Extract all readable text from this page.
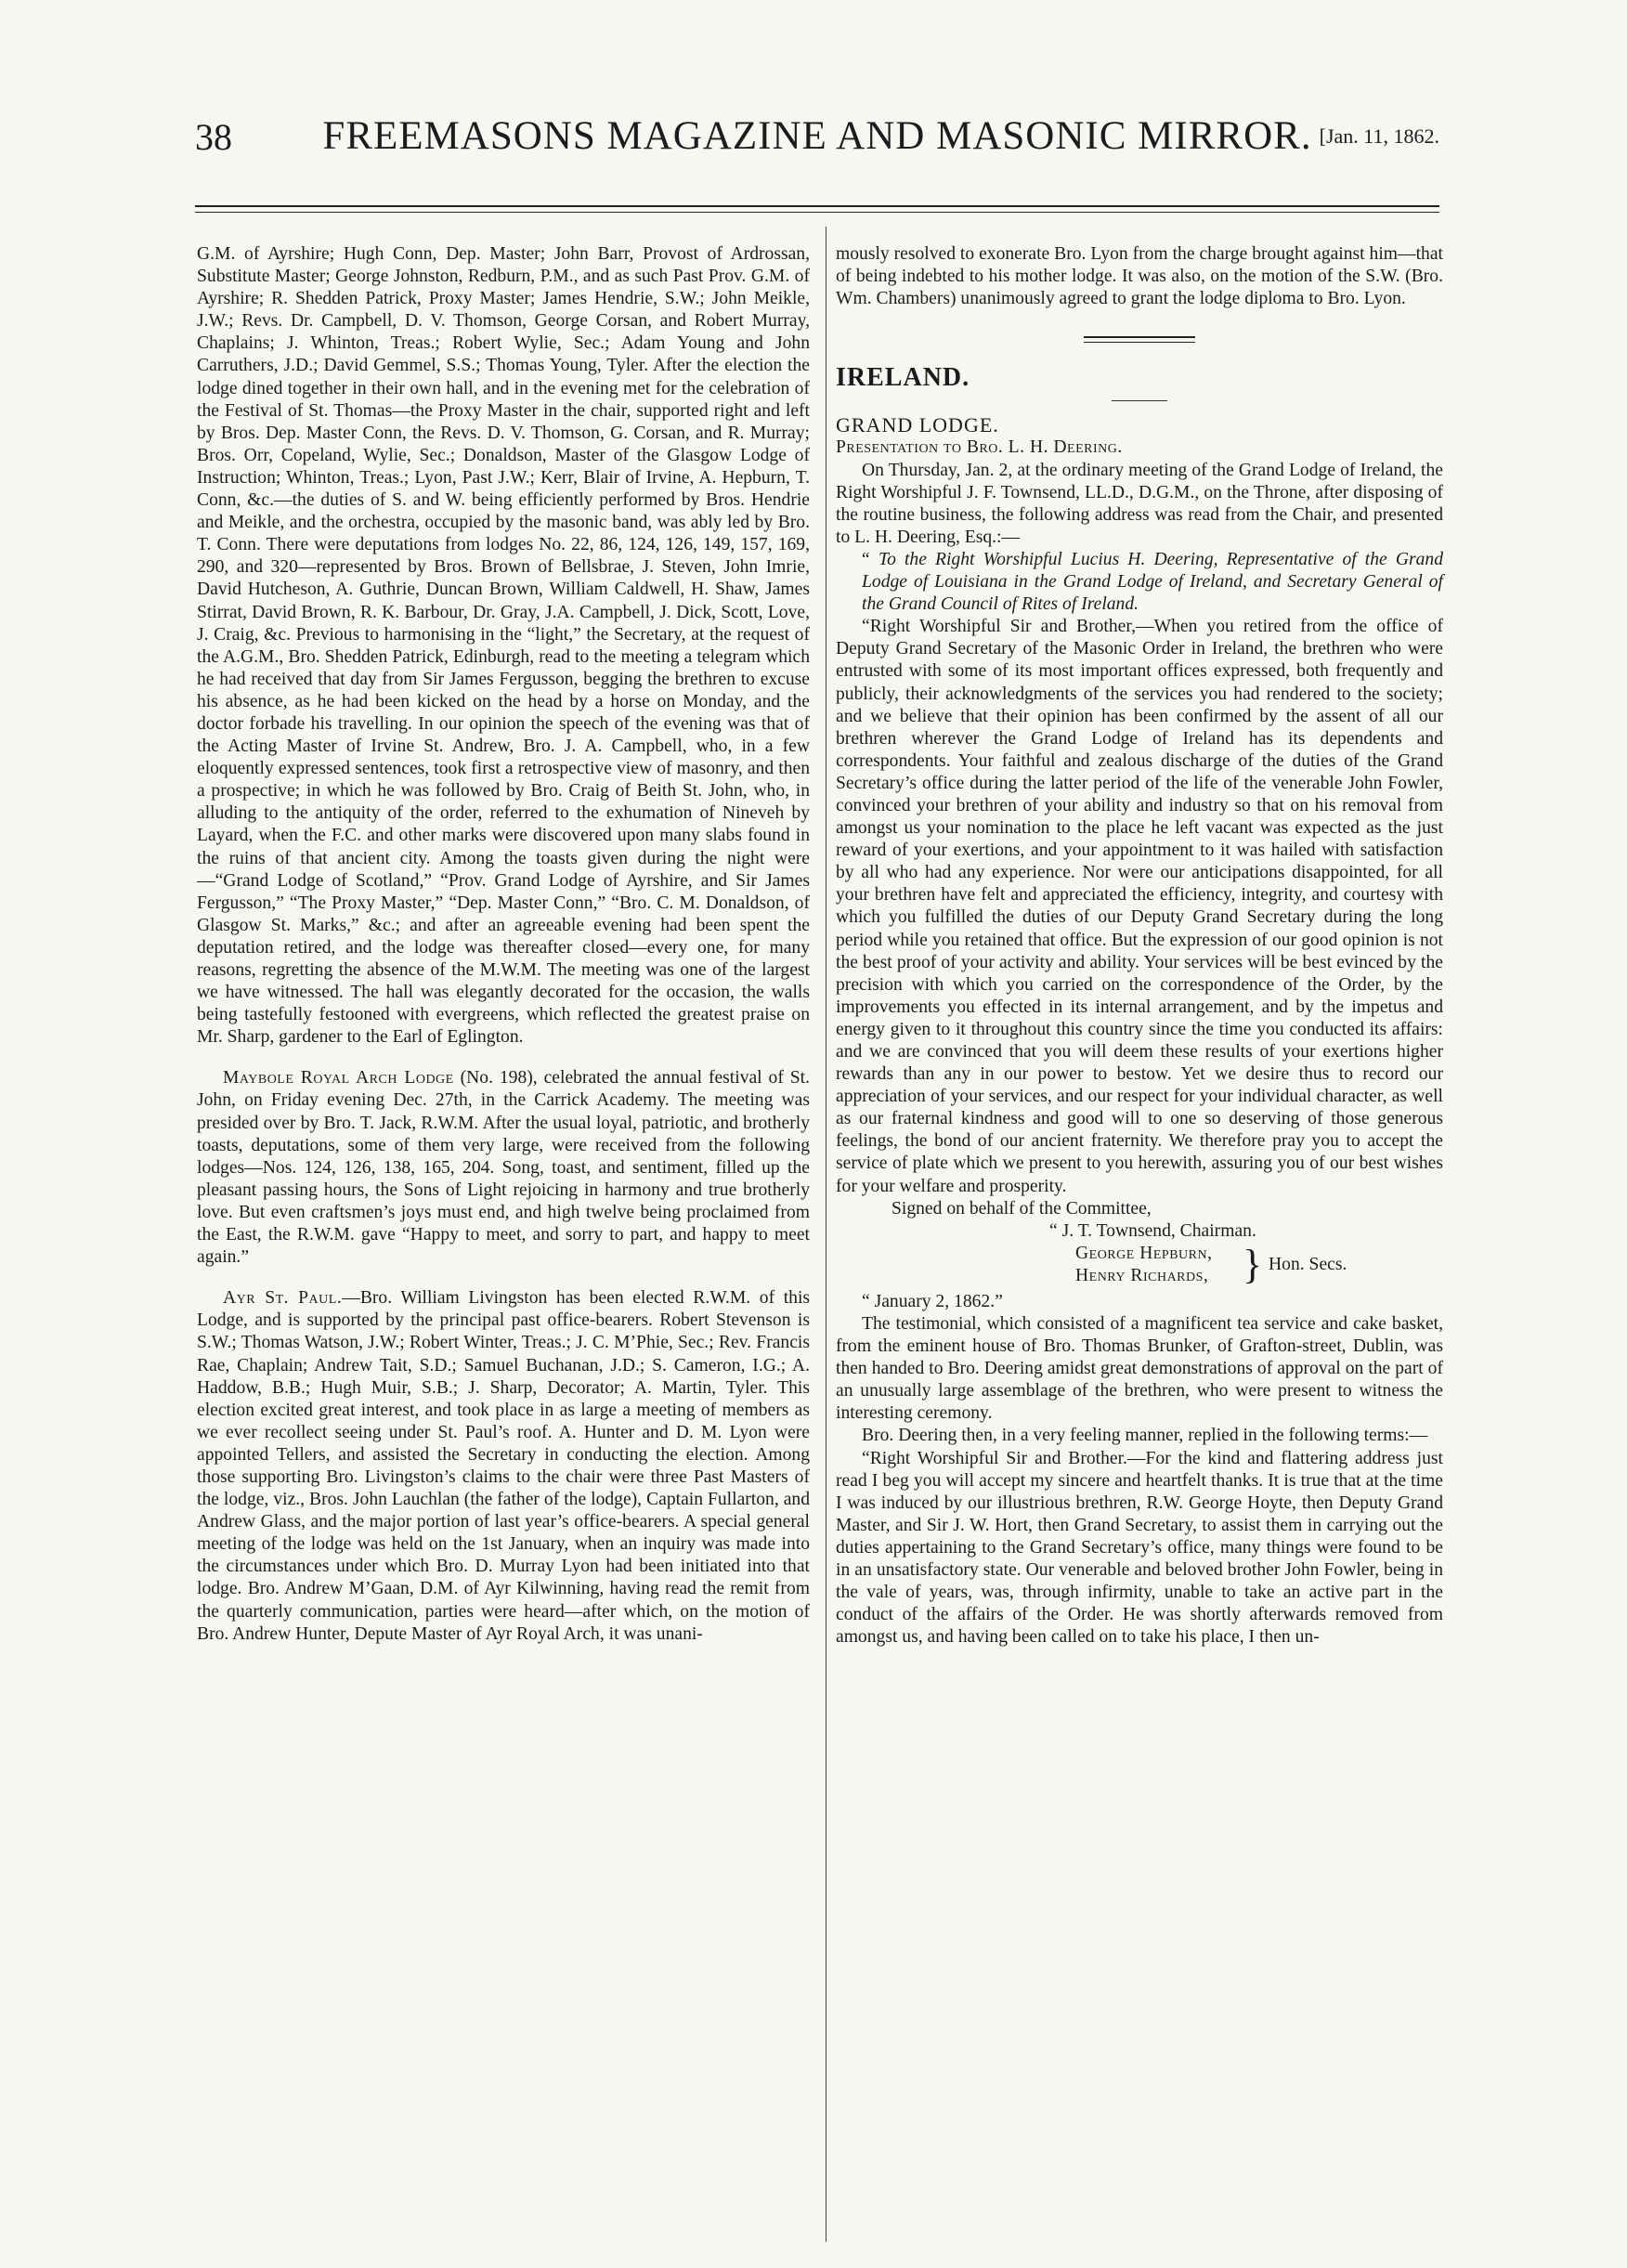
38 FREEMASONS MAGAZINE AND MASONIC MIRROR. [Jan. 11, 1862.

G.M. of Ayrshire; Hugh Conn, Dep. Master; John Barr, Provost of Ardrossan, Substitute Master; George Johnston, Redburn, P.M., and as such Past Prov. G.M. of Ayrshire; R. Shedden Patrick, Proxy Master; James Hendrie, S.W.; John Meikle, J.W.; Revs. Dr. Campbell, D. V. Thomson, George Corsan, and Robert Murray, Chaplains; J. Whinton, Treas.; Robert Wylie, Sec.; Adam Young and John Carruthers, J.D.; David Gemmel, S.S.; Thomas Young, Tyler. After the election the lodge dined together in their own hall, and in the evening met for the celebration of the Festival of St. Thomas—the Proxy Master in the chair, supported right and left by Bros. Dep. Master Conn, the Revs. D. V. Thomson, G. Corsan, and R. Murray; Bros. Orr, Copeland, Wylie, Sec.; Donaldson, Master of the Glasgow Lodge of Instruction; Whinton, Treas.; Lyon, Past J.W.; Kerr, Blair of Irvine, A. Hepburn, T. Conn, &c.—the duties of S. and W. being efficiently performed by Bros. Hendrie and Meikle, and the orchestra, occupied by the masonic band, was ably led by Bro. T. Conn. There were deputations from lodges No. 22, 86, 124, 126, 149, 157, 169, 290, and 320—represented by Bros. Brown of Bellsbrae, J. Steven, John Imrie, David Hutcheson, A. Guthrie, Duncan Brown, William Caldwell, H. Shaw, James Stirrat, David Brown, R. K. Barbour, Dr. Gray, J.A. Campbell, J. Dick, Scott, Love, J. Craig, &c. Previous to harmonising in the “light,” the Secretary, at the request of the A.G.M., Bro. Shedden Patrick, Edinburgh, read to the meeting a telegram which he had received that day from Sir James Fergusson, begging the brethren to excuse his absence, as he had been kicked on the head by a horse on Monday, and the doctor forbade his travelling. In our opinion the speech of the evening was that of the Acting Master of Irvine St. Andrew, Bro. J. A. Campbell, who, in a few eloquently expressed sentences, took first a retrospective view of masonry, and then a prospective; in which he was followed by Bro. Craig of Beith St. John, who, in alluding to the antiquity of the order, referred to the exhumation of Nineveh by Layard, when the F.C. and other marks were discovered upon many slabs found in the ruins of that ancient city. Among the toasts given during the night were—“Grand Lodge of Scotland,” “Prov. Grand Lodge of Ayrshire, and Sir James Fergusson,” “The Proxy Master,” “Dep. Master Conn,” “Bro. C. M. Donaldson, of Glasgow St. Marks,” &c.; and after an agreeable evening had been spent the deputation retired, and the lodge was thereafter closed—every one, for many reasons, regretting the absence of the M.W.M. The meeting was one of the largest we have witnessed. The hall was elegantly decorated for the occasion, the walls being tastefully festooned with evergreens, which reflected the greatest praise on Mr. Sharp, gardener to the Earl of Eglington.

Maybole Royal Arch Lodge (No. 198), celebrated the annual festival of St. John, on Friday evening Dec. 27th, in the Carrick Academy. The meeting was presided over by Bro. T. Jack, R.W.M. After the usual loyal, patriotic, and brotherly toasts, deputations, some of them very large, were received from the following lodges—Nos. 124, 126, 138, 165, 204. Song, toast, and sentiment, filled up the pleasant passing hours, the Sons of Light rejoicing in harmony and true brotherly love. But even craftsmen’s joys must end, and high twelve being proclaimed from the East, the R.W.M. gave “Happy to meet, and sorry to part, and happy to meet again.”

Ayr St. Paul.—Bro. William Livingston has been elected R.W.M. of this Lodge, and is supported by the principal past office-bearers. Robert Stevenson is S.W.; Thomas Watson, J.W.; Robert Winter, Treas.; J. C. M’Phie, Sec.; Rev. Francis Rae, Chaplain; Andrew Tait, S.D.; Samuel Buchanan, J.D.; S. Cameron, I.G.; A. Haddow, B.B.; Hugh Muir, S.B.; J. Sharp, Decorator; A. Martin, Tyler. This election excited great interest, and took place in as large a meeting of members as we ever recollect seeing under St. Paul’s roof. A. Hunter and D. M. Lyon were appointed Tellers, and assisted the Secretary in conducting the election. Among those supporting Bro. Livingston’s claims to the chair were three Past Masters of the lodge, viz., Bros. John Lauchlan (the father of the lodge), Captain Fullarton, and Andrew Glass, and the major portion of last year’s office-bearers. A special general meeting of the lodge was held on the 1st January, when an inquiry was made into the circumstances under which Bro. D. Murray Lyon had been initiated into that lodge. Bro. Andrew M’Gaan, D.M. of Ayr Kilwinning, having read the remit from the quarterly communication, parties were heard—after which, on the motion of Bro. Andrew Hunter, Depute Master of Ayr Royal Arch, it was unani-

mously resolved to exonerate Bro. Lyon from the charge brought against him—that of being indebted to his mother lodge. It was also, on the motion of the S.W. (Bro. Wm. Chambers) unanimously agreed to grant the lodge diploma to Bro. Lyon.

IRELAND.

GRAND LODGE.

Presentation to Bro. L. H. Deering.

On Thursday, Jan. 2, at the ordinary meeting of the Grand Lodge of Ireland, the Right Worshipful J. F. Townsend, LL.D., D.G.M., on the Throne, after disposing of the routine business, the following address was read from the Chair, and presented to L. H. Deering, Esq.:—

“ To the Right Worshipful Lucius H. Deering, Representative of the Grand Lodge of Louisiana in the Grand Lodge of Ireland, and Secretary General of the Grand Council of Rites of Ireland.

“Right Worshipful Sir and Brother,—When you retired from the office of Deputy Grand Secretary of the Masonic Order in Ireland, the brethren who were entrusted with some of its most important offices expressed, both frequently and publicly, their acknowledgments of the services you had rendered to the society; and we believe that their opinion has been confirmed by the assent of all our brethren wherever the Grand Lodge of Ireland has its dependents and correspondents. Your faithful and zealous discharge of the duties of the Grand Secretary’s office during the latter period of the life of the venerable John Fowler, convinced your brethren of your ability and industry so that on his removal from amongst us your nomination to the place he left vacant was expected as the just reward of your exertions, and your appointment to it was hailed with satisfaction by all who had any experience. Nor were our anticipations disappointed, for all your brethren have felt and appreciated the efficiency, integrity, and courtesy with which you fulfilled the duties of our Deputy Grand Secretary during the long period while you retained that office. But the expression of our good opinion is not the best proof of your activity and ability. Your services will be best evinced by the precision with which you carried on the correspondence of the Order, by the improvements you effected in its internal arrangement, and by the impetus and energy given to it throughout this country since the time you conducted its affairs: and we are convinced that you will deem these results of your exertions higher rewards than any in our power to bestow. Yet we desire thus to record our appreciation of your services, and our respect for your individual character, as well as our fraternal kindness and good will to one so deserving of those generous feelings, the bond of our ancient fraternity. We therefore pray you to accept the service of plate which we present to you herewith, assuring you of our best wishes for your welfare and prosperity.

Signed on behalf of the Committee,

“ J. T. Townsend, Chairman.

George Hepburn,
Henry Richards, } Hon. Secs.

“ January 2, 1862.”

The testimonial, which consisted of a magnificent tea service and cake basket, from the eminent house of Bro. Thomas Brunker, of Grafton-street, Dublin, was then handed to Bro. Deering amidst great demonstrations of approval on the part of an unusually large assemblage of the brethren, who were present to witness the interesting ceremony.

Bro. Deering then, in a very feeling manner, replied in the following terms:—

“Right Worshipful Sir and Brother.—For the kind and flattering address just read I beg you will accept my sincere and heartfelt thanks. It is true that at the time I was induced by our illustrious brethren, R.W. George Hoyte, then Deputy Grand Master, and Sir J. W. Hort, then Grand Secretary, to assist them in carrying out the duties appertaining to the Grand Secretary’s office, many things were found to be in an unsatisfactory state. Our venerable and beloved brother John Fowler, being in the vale of years, was, through infirmity, unable to take an active part in the conduct of the affairs of the Order. He was shortly afterwards removed from amongst us, and having been called on to take his place, I then un-
